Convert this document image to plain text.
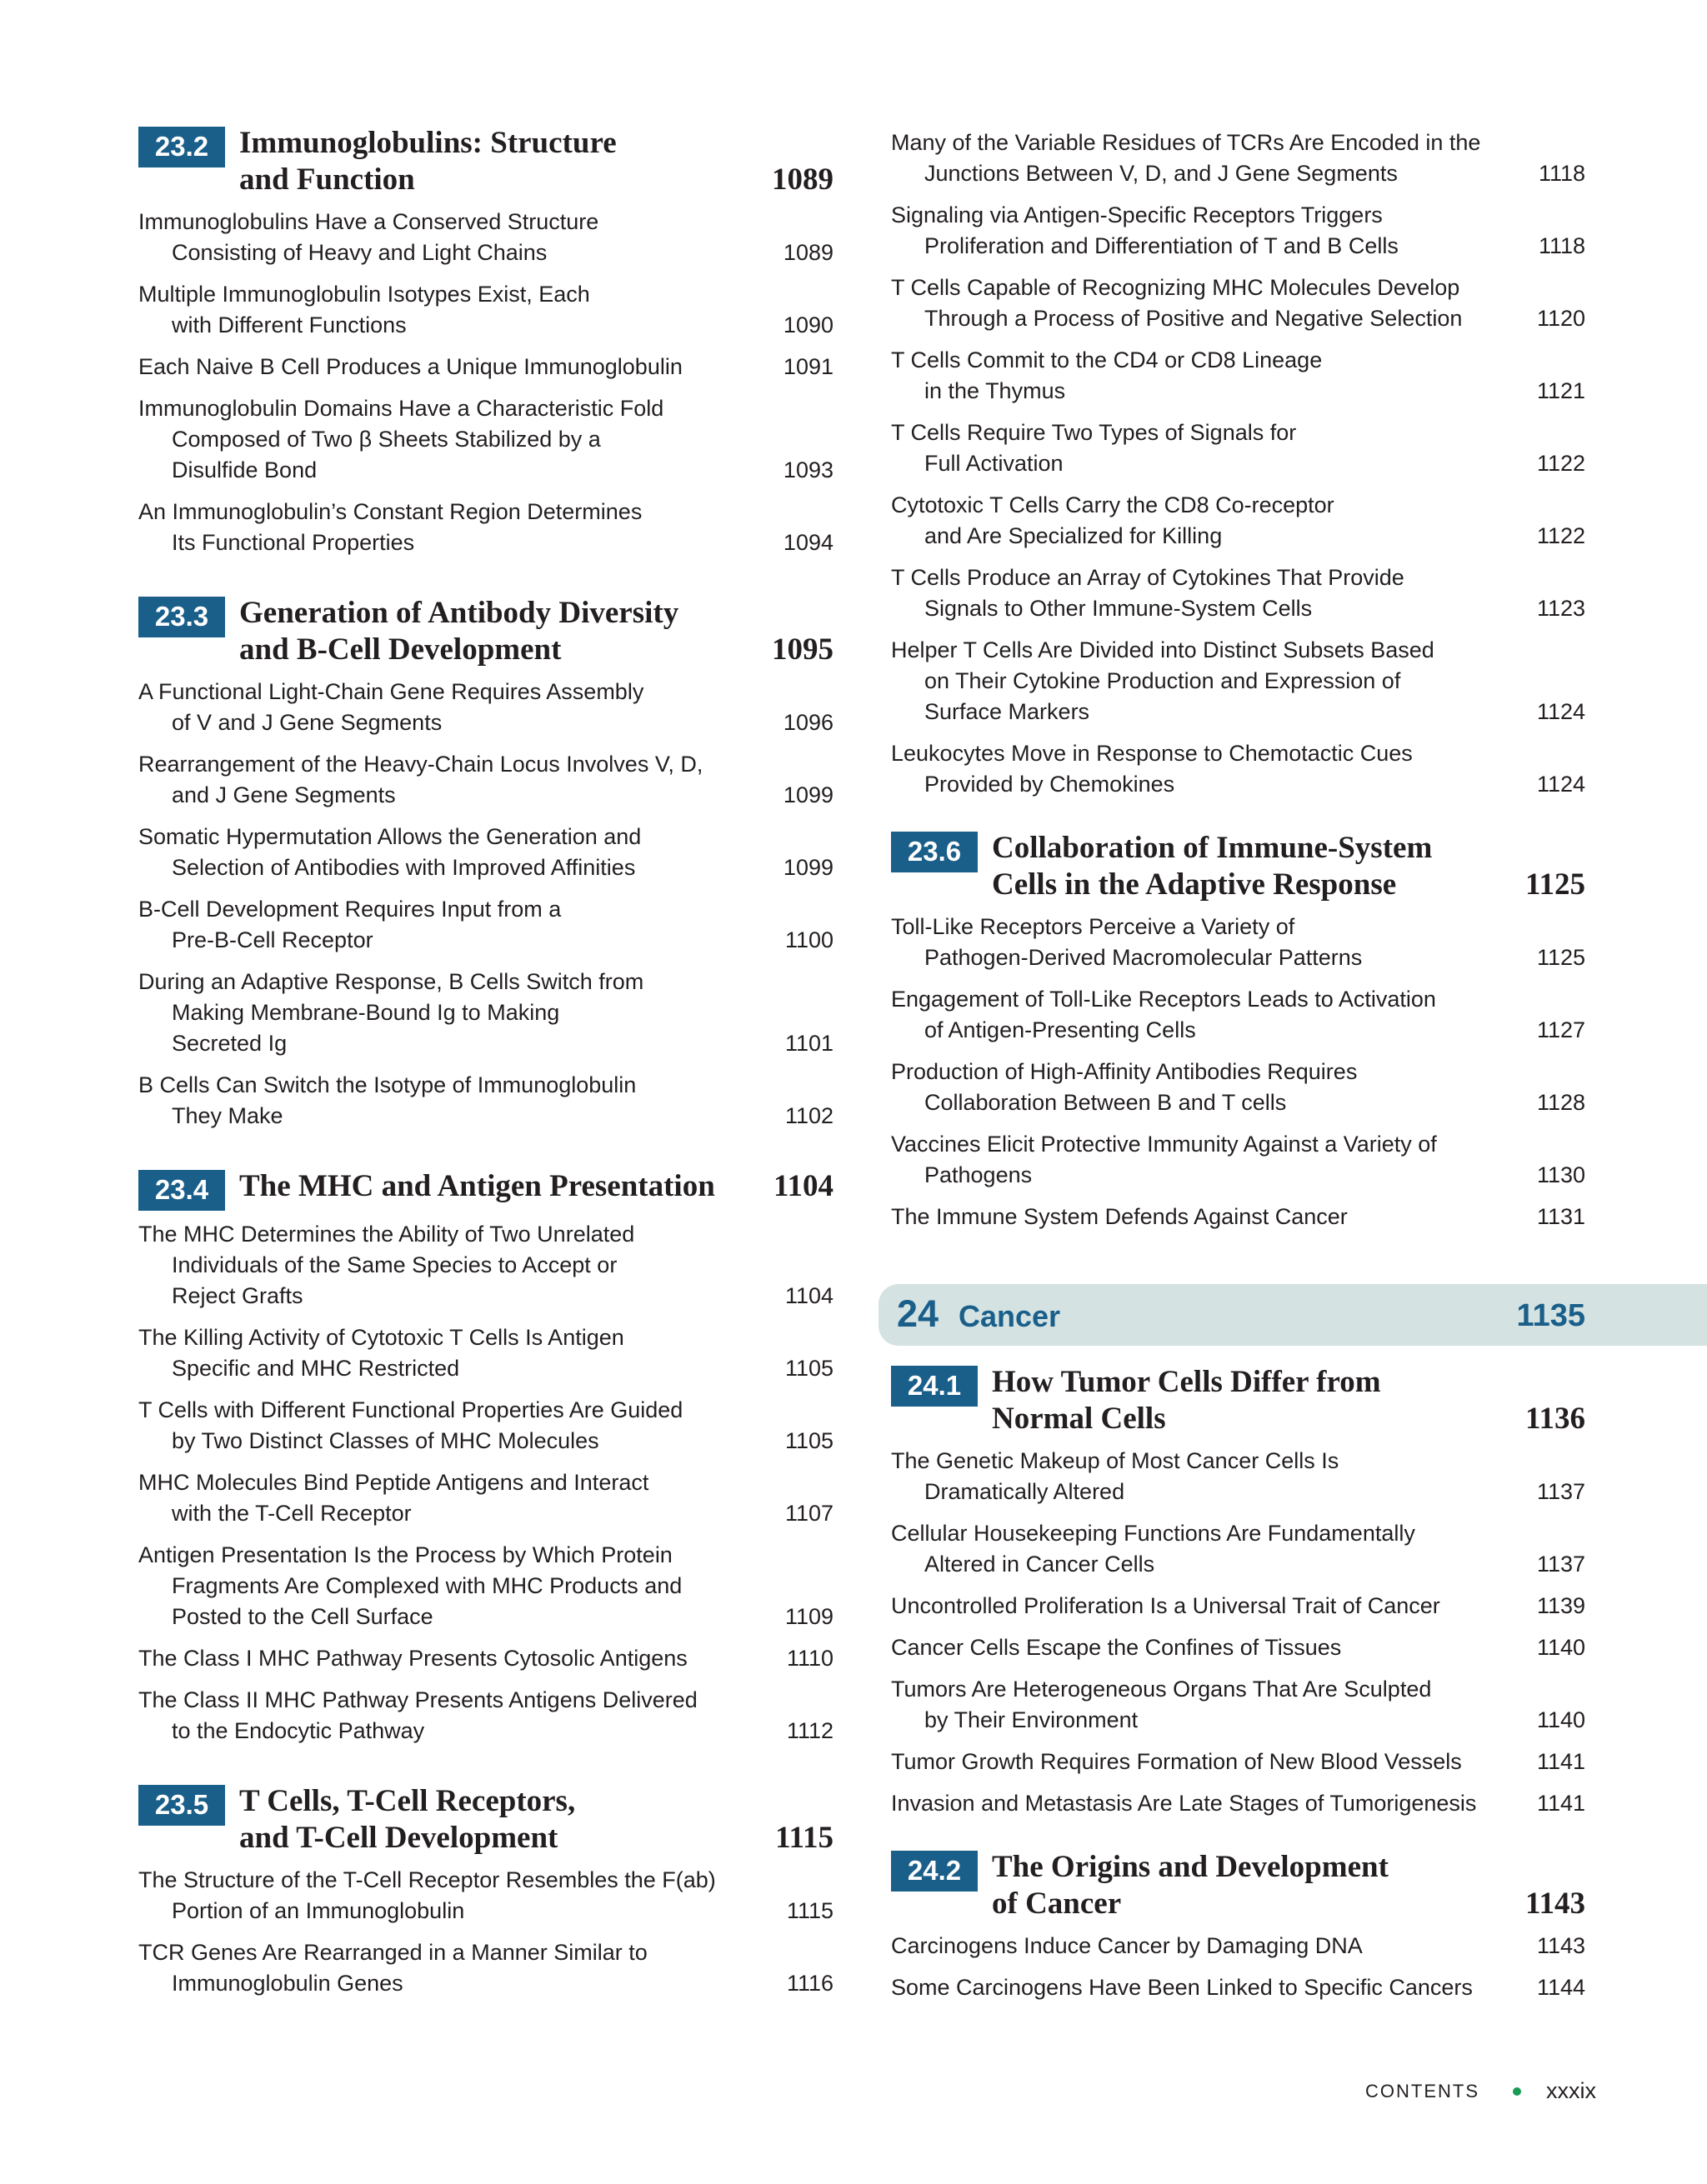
23.2 Immunoglobulins: Structure
and Function	1089
Immunoglobulins Have a Conserved Structure
Consisting of Heavy and Light Chains	1089
Multiple Immunoglobulin Isotypes Exist, Each
with Different Functions	1090
Each Naive B Cell Produces a Unique Immunoglobulin	1091
Immunoglobulin Domains Have a Characteristic Fold
Composed of Two β Sheets Stabilized by a
Disulfide Bond	1093
An Immunoglobulin’s Constant Region Determines
Its Functional Properties	1094
23.3 Generation of Antibody Diversity
and B-Cell Development	1095
A Functional Light-Chain Gene Requires Assembly
of V and J Gene Segments	1096
Rearrangement of the Heavy-Chain Locus Involves V, D,
and J Gene Segments	1099
Somatic Hypermutation Allows the Generation and
Selection of Antibodies with Improved Affinities	1099
B-Cell Development Requires Input from a
Pre-B-Cell Receptor	1100
During an Adaptive Response, B Cells Switch from
Making Membrane-Bound Ig to Making
Secreted Ig	1101
B Cells Can Switch the Isotype of Immunoglobulin
They Make	1102
23.4 The MHC and Antigen Presentation 1104
The MHC Determines the Ability of Two Unrelated
Individuals of the Same Species to Accept or
Reject Grafts	1104
The Killing Activity of Cytotoxic T Cells Is Antigen
Specific and MHC Restricted	1105
T Cells with Different Functional Properties Are Guided
by Two Distinct Classes of MHC Molecules	1105
MHC Molecules Bind Peptide Antigens and Interact
with the T-Cell Receptor	1107
Antigen Presentation Is the Process by Which Protein
Fragments Are Complexed with MHC Products and
Posted to the Cell Surface	1109
The Class I MHC Pathway Presents Cytosolic Antigens	1110
The Class II MHC Pathway Presents Antigens Delivered
to the Endocytic Pathway	1112
23.5 T Cells, T-Cell Receptors,
and T-Cell Development	1115
The Structure of the T-Cell Receptor Resembles the F(ab)
Portion of an Immunoglobulin	1115
TCR Genes Are Rearranged in a Manner Similar to
Immunoglobulin Genes	1116
Many of the Variable Residues of TCRs Are Encoded in the
Junctions Between V, D, and J Gene Segments	1118
Signaling via Antigen-Specific Receptors Triggers
Proliferation and Differentiation of T and B Cells	1118
T Cells Capable of Recognizing MHC Molecules Develop
Through a Process of Positive and Negative Selection	1120
T Cells Commit to the CD4 or CD8 Lineage
in the Thymus	1121
T Cells Require Two Types of Signals for
Full Activation	1122
Cytotoxic T Cells Carry the CD8 Co-receptor
and Are Specialized for Killing	1122
T Cells Produce an Array of Cytokines That Provide
Signals to Other Immune-System Cells	1123
Helper T Cells Are Divided into Distinct Subsets Based
on Their Cytokine Production and Expression of
Surface Markers	1124
Leukocytes Move in Response to Chemotactic Cues
Provided by Chemokines	1124
23.6 Collaboration of Immune-System
Cells in the Adaptive Response	1125
Toll-Like Receptors Perceive a Variety of
Pathogen-Derived Macromolecular Patterns	1125
Engagement of Toll-Like Receptors Leads to Activation
of Antigen-Presenting Cells	1127
Production of High-Affinity Antibodies Requires
Collaboration Between B and T cells	1128
Vaccines Elicit Protective Immunity Against a Variety of
Pathogens	1130
The Immune System Defends Against Cancer	1131
24 Cancer	1135
24.1 How Tumor Cells Differ from
Normal Cells	1136
The Genetic Makeup of Most Cancer Cells Is
Dramatically Altered	1137
Cellular Housekeeping Functions Are Fundamentally
Altered in Cancer Cells	1137
Uncontrolled Proliferation Is a Universal Trait of Cancer	1139
Cancer Cells Escape the Confines of Tissues	1140
Tumors Are Heterogeneous Organs That Are Sculpted
by Their Environment	1140
Tumor Growth Requires Formation of New Blood Vessels	1141
Invasion and Metastasis Are Late Stages of Tumorigenesis	1141
24.2 The Origins and Development
of Cancer	1143
Carcinogens Induce Cancer by Damaging DNA	1143
Some Carcinogens Have Been Linked to Specific Cancers	1144
CONTENTS	xxxix
